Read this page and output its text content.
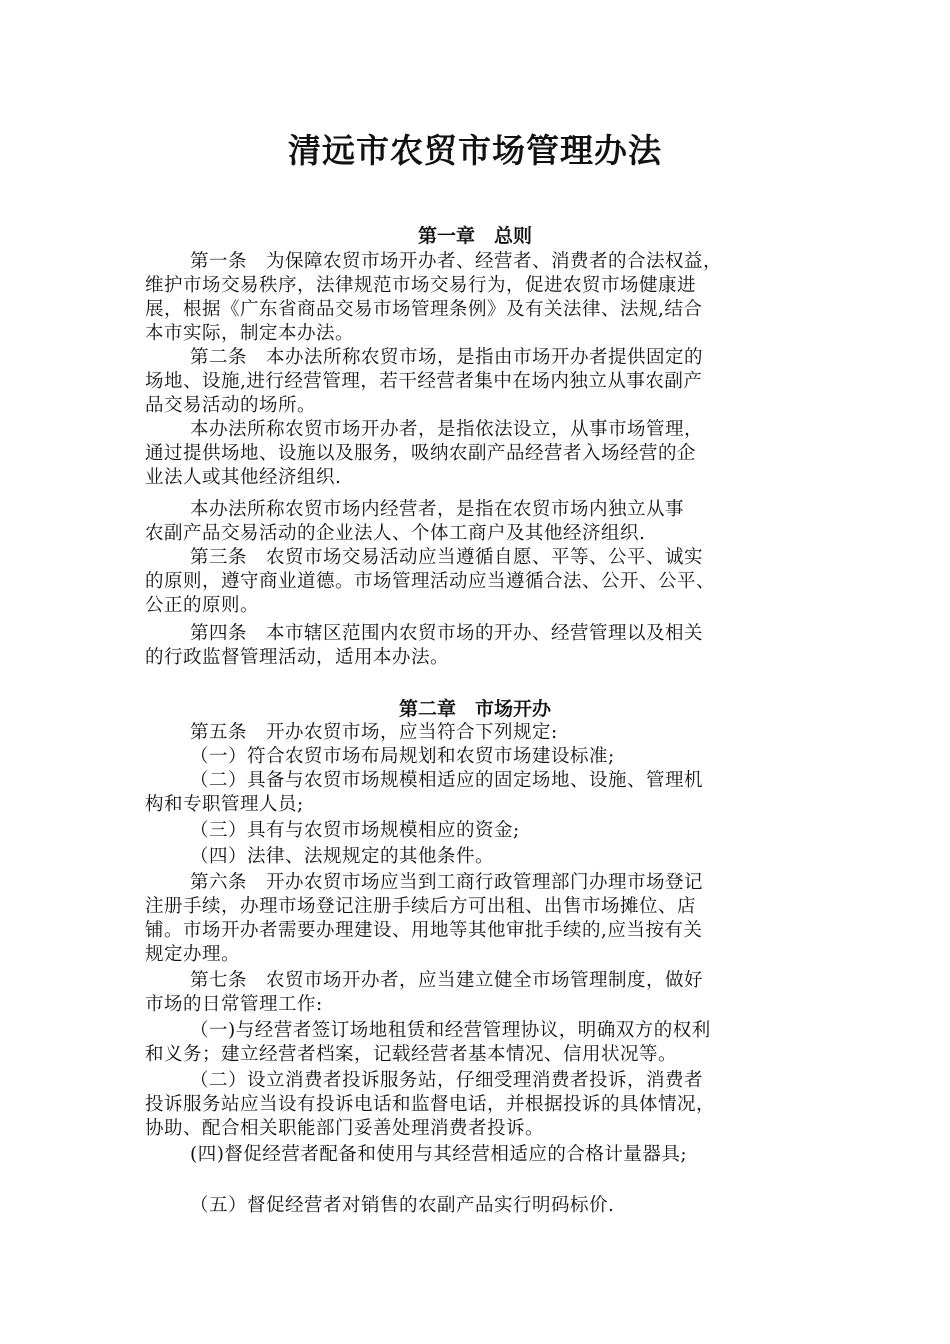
清远市农贸市场管理办法
第一章　总则

第一条　为保障农贸市场开办者、经营者、消费者的合法权益，

维护市场交易秩序，法律规范市场交易行为，促进农贸市场健康进

展，根据《广东省商品交易市场管理条例》及有关法律、法规,结合

本市实际，制定本办法。

第二条　本办法所称农贸市场，是指由市场开办者提供固定的

场地、设施,进行经营管理，若干经营者集中在场内独立从事农副产

品交易活动的场所。

本办法所称农贸市场开办者，是指依法设立，从事市场管理，

通过提供场地、设施以及服务，吸纳农副产品经营者入场经营的企

业法人或其他经济组织.

本办法所称农贸市场内经营者，是指在农贸市场内独立从事

农副产品交易活动的企业法人、个体工商户及其他经济组织.

第三条　农贸市场交易活动应当遵循自愿、平等、公平、诚实

的原则，遵守商业道德。市场管理活动应当遵循合法、公开、公平、

公正的原则。

第四条　本市辖区范围内农贸市场的开办、经营管理以及相关

的行政监督管理活动，适用本办法。

第二章　市场开办

第五条　开办农贸市场，应当符合下列规定:

（一）符合农贸市场布局规划和农贸市场建设标准;

（二）具备与农贸市场规模相适应的固定场地、设施、管理机

构和专职管理人员;

（三）具有与农贸市场规模相应的资金;

（四）法律、法规规定的其他条件。

第六条　开办农贸市场应当到工商行政管理部门办理市场登记

注册手续，办理市场登记注册手续后方可出租、出售市场摊位、店

铺。市场开办者需要办理建设、用地等其他审批手续的,应当按有关

规定办理。

第七条　农贸市场开办者，应当建立健全市场管理制度，做好

市场的日常管理工作:

（一)与经营者签订场地租赁和经营管理协议，明确双方的权利

和义务；建立经营者档案，记载经营者基本情况、信用状况等。

（二）设立消费者投诉服务站，仔细受理消费者投诉，消费者

投诉服务站应当设有投诉电话和监督电话，并根据投诉的具体情况，

协助、配合相关职能部门妥善处理消费者投诉。

(四)督促经营者配备和使用与其经营相适应的合格计量器具;

（五）督促经营者对销售的农副产品实行明码标价.
